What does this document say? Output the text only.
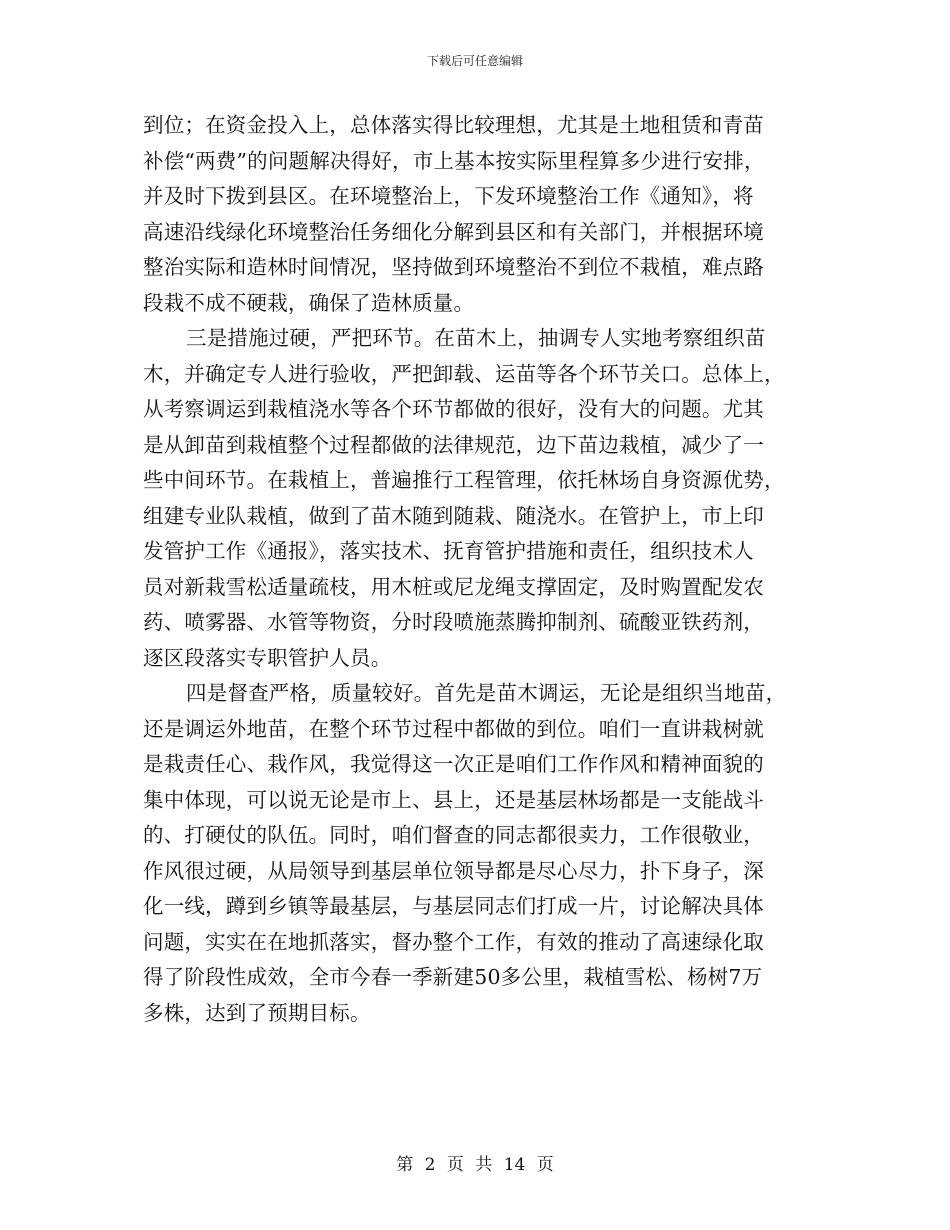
下载后可任意编辑
到位；在资金投入上，总体落实得比较理想，尤其是土地租赁和青苗
补偿“两费”的问题解决得好，市上基本按实际里程算多少进行安排，
并及时下拨到县区。在环境整治上，下发环境整治工作《通知》，将
高速沿线绿化环境整治任务细化分解到县区和有关部门，并根据环境
整治实际和造林时间情况，坚持做到环境整治不到位不栽植，难点路
段栽不成不硬栽，确保了造林质量。
三是措施过硬，严把环节。在苗木上，抽调专人实地考察组织苗
木，并确定专人进行验收，严把卸载、运苗等各个环节关口。总体上，
从考察调运到栽植浇水等各个环节都做的很好，没有大的问题。尤其
是从卸苗到栽植整个过程都做的法律规范，边下苗边栽植，减少了一
些中间环节。在栽植上，普遍推行工程管理，依托林场自身资源优势，
组建专业队栽植，做到了苗木随到随栽、随浇水。在管护上，市上印
发管护工作《通报》，落实技术、抚育管护措施和责任，组织技术人
员对新栽雪松适量疏枝，用木桩或尼龙绳支撑固定，及时购置配发农
药、喷雾器、水管等物资，分时段喷施蒸腾抑制剂、硫酸亚铁药剂，
逐区段落实专职管护人员。
四是督查严格，质量较好。首先是苗木调运，无论是组织当地苗，
还是调运外地苗，在整个环节过程中都做的到位。咱们一直讲栽树就
是栽责任心、栽作风，我觉得这一次正是咱们工作作风和精神面貌的
集中体现，可以说无论是市上、县上，还是基层林场都是一支能战斗
的、打硬仗的队伍。同时，咱们督查的同志都很卖力，工作很敬业，
作风很过硬，从局领导到基层单位领导都是尽心尽力，扑下身子，深
化一线，蹲到乡镇等最基层，与基层同志们打成一片，讨论解决具体
问题，实实在在地抓落实，督办整个工作，有效的推动了高速绿化取
得了阶段性成效，全市今春一季新建50多公里，栽植雪松、杨树7万
多株，达到了预期目标。
第 2 页 共 14 页
